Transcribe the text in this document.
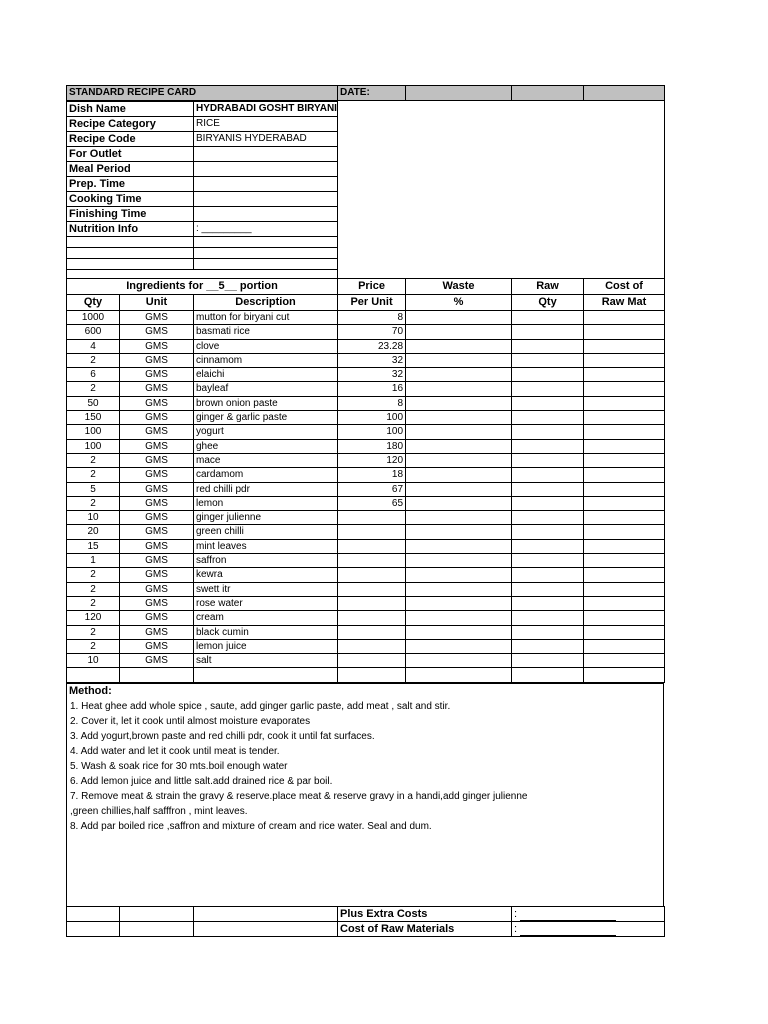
STANDARD RECIPE CARD	DATE:			
Dish Name	HYDRABADI GOSHT BIRYANI
Recipe Category	RICE
Recipe Code	BIRYANIS HYDERABAD
For Outlet	
Meal Period	
Prep. Time	
Cooking Time	
Finishing Time	
Nutrition Info	: _________

Ingredients for __5__ portion			Price	Waste	Raw	Cost of
Qty	Unit	Description	Per Unit	%	Qty	Raw Mat
1000	GMS	mutton for biryani cut	8			
600	GMS	basmati rice	70			
4	GMS	clove	23.28			
2	GMS	cinnamom	32			
6	GMS	elaichi	32			
2	GMS	bayleaf	16			
50	GMS	brown onion paste	8			
150	GMS	ginger & garlic paste	100			
100	GMS	yogurt	100			
100	GMS	ghee	180			
2	GMS	mace	120			
2	GMS	cardamom	18			
5	GMS	red chilli pdr	67			
2	GMS	lemon	65			
10	GMS	ginger julienne				
20	GMS	green chilli				
15	GMS	mint leaves				
1	GMS	saffron				
2	GMS	kewra				
2	GMS	swett itr				
2	GMS	rose water				
120	GMS	cream				
2	GMS	black cumin				
2	GMS	lemon juice				
10	GMS	salt				

Method:
1. Heat ghee add whole spice , saute, add ginger garlic paste, add meat , salt and stir.
2. Cover it, let it cook until almost moisture evaporates
3. Add yogurt,brown paste and red chilli pdr, cook it until fat surfaces.
4. Add water and let it cook until meat is tender.
5. Wash & soak rice for 30 mts.boil enough water
6. Add lemon juice and little salt.add drained rice & par boil.
7. Remove meat & strain the gravy & reserve.place meat & reserve gravy in a handi,add ginger julienne
,green chillies,half safffron , mint leaves.
8. Add par boiled rice ,saffron and mixture of cream and rice water. Seal and dum.
			Plus Extra Costs	:
			Cost of Raw Materials	:
